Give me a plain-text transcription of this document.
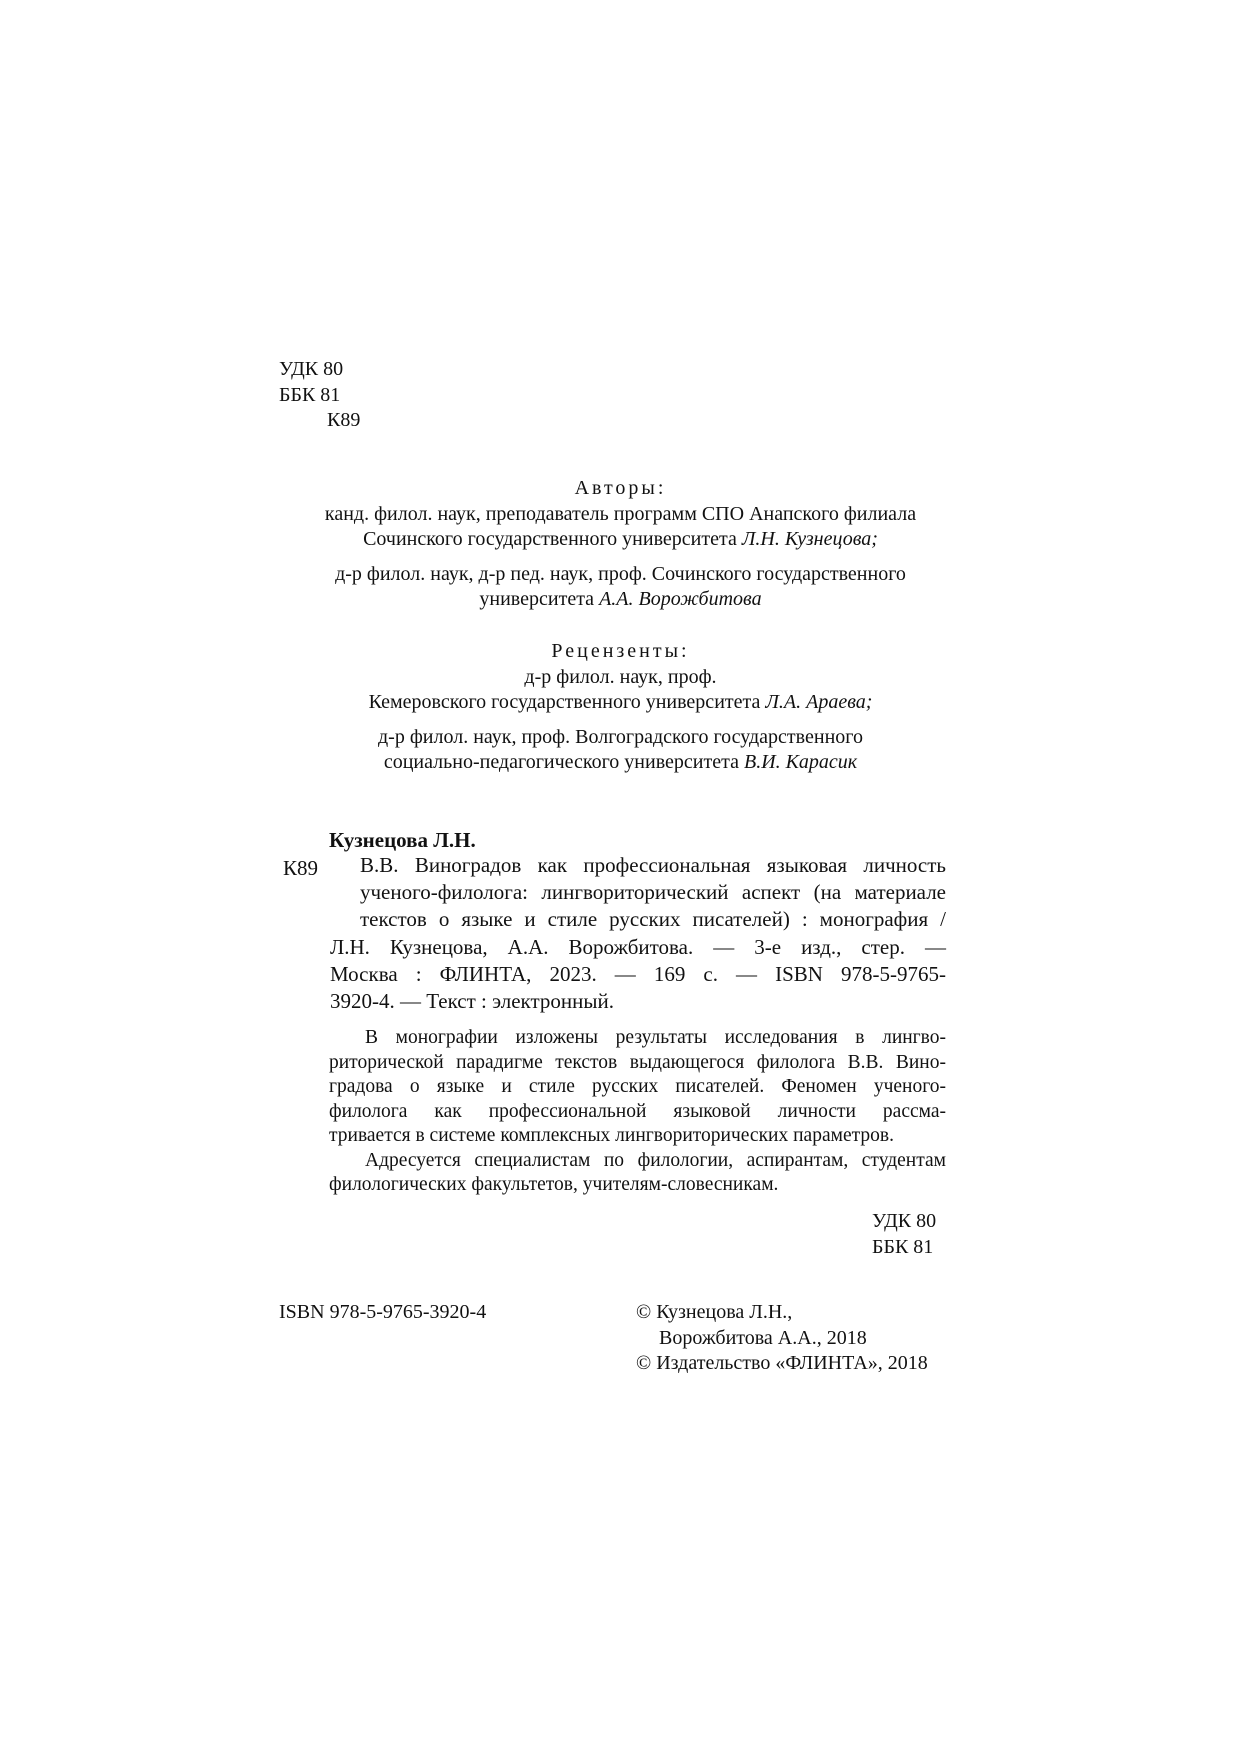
УДК 80
ББК 81
К89
Авторы:
канд. филол. наук, преподаватель программ СПО Анапского филиала
Сочинского государственного университета Л.Н. Кузнецова;
д-р филол. наук, д-р пед. наук, проф. Сочинского государственного
университета А.А. Ворожбитова
Рецензенты:
д-р филол. наук, проф.
Кемеровского государственного университета Л.А. Араева;
д-р филол. наук, проф. Волгоградского государственного
социально-педагогического университета В.И. Карасик
Кузнецова Л.Н.
К89 В.В. Виноградов как профессиональная языковая личность
ученого-филолога: лингвориторический аспект (на материале
текстов о языке и стиле русских писателей) : монография /
Л.Н. Кузнецова, А.А. Ворожбитова. — 3-е изд., стер. —
Москва : ФЛИНТА, 2023. — 169 с. — ISBN 978-5-9765-
3920-4. — Текст : электронный.
В монографии изложены результаты исследования в лингво-
риторической парадигме текстов выдающегося филолога В.В. Вино-
градова о языке и стиле русских писателей. Феномен ученого-
филолога как профессиональной языковой личности рассма-
тривается в системе комплексных лингвориторических параметров.
Адресуется специалистам по филологии, аспирантам, студентам
филологических факультетов, учителям-словесникам.
УДК 80
ББК 81
ISBN 978-5-9765-3920-4	© Кузнецова Л.Н.,
Ворожбитова А.А., 2018
© Издательство «ФЛИНТА», 2018
